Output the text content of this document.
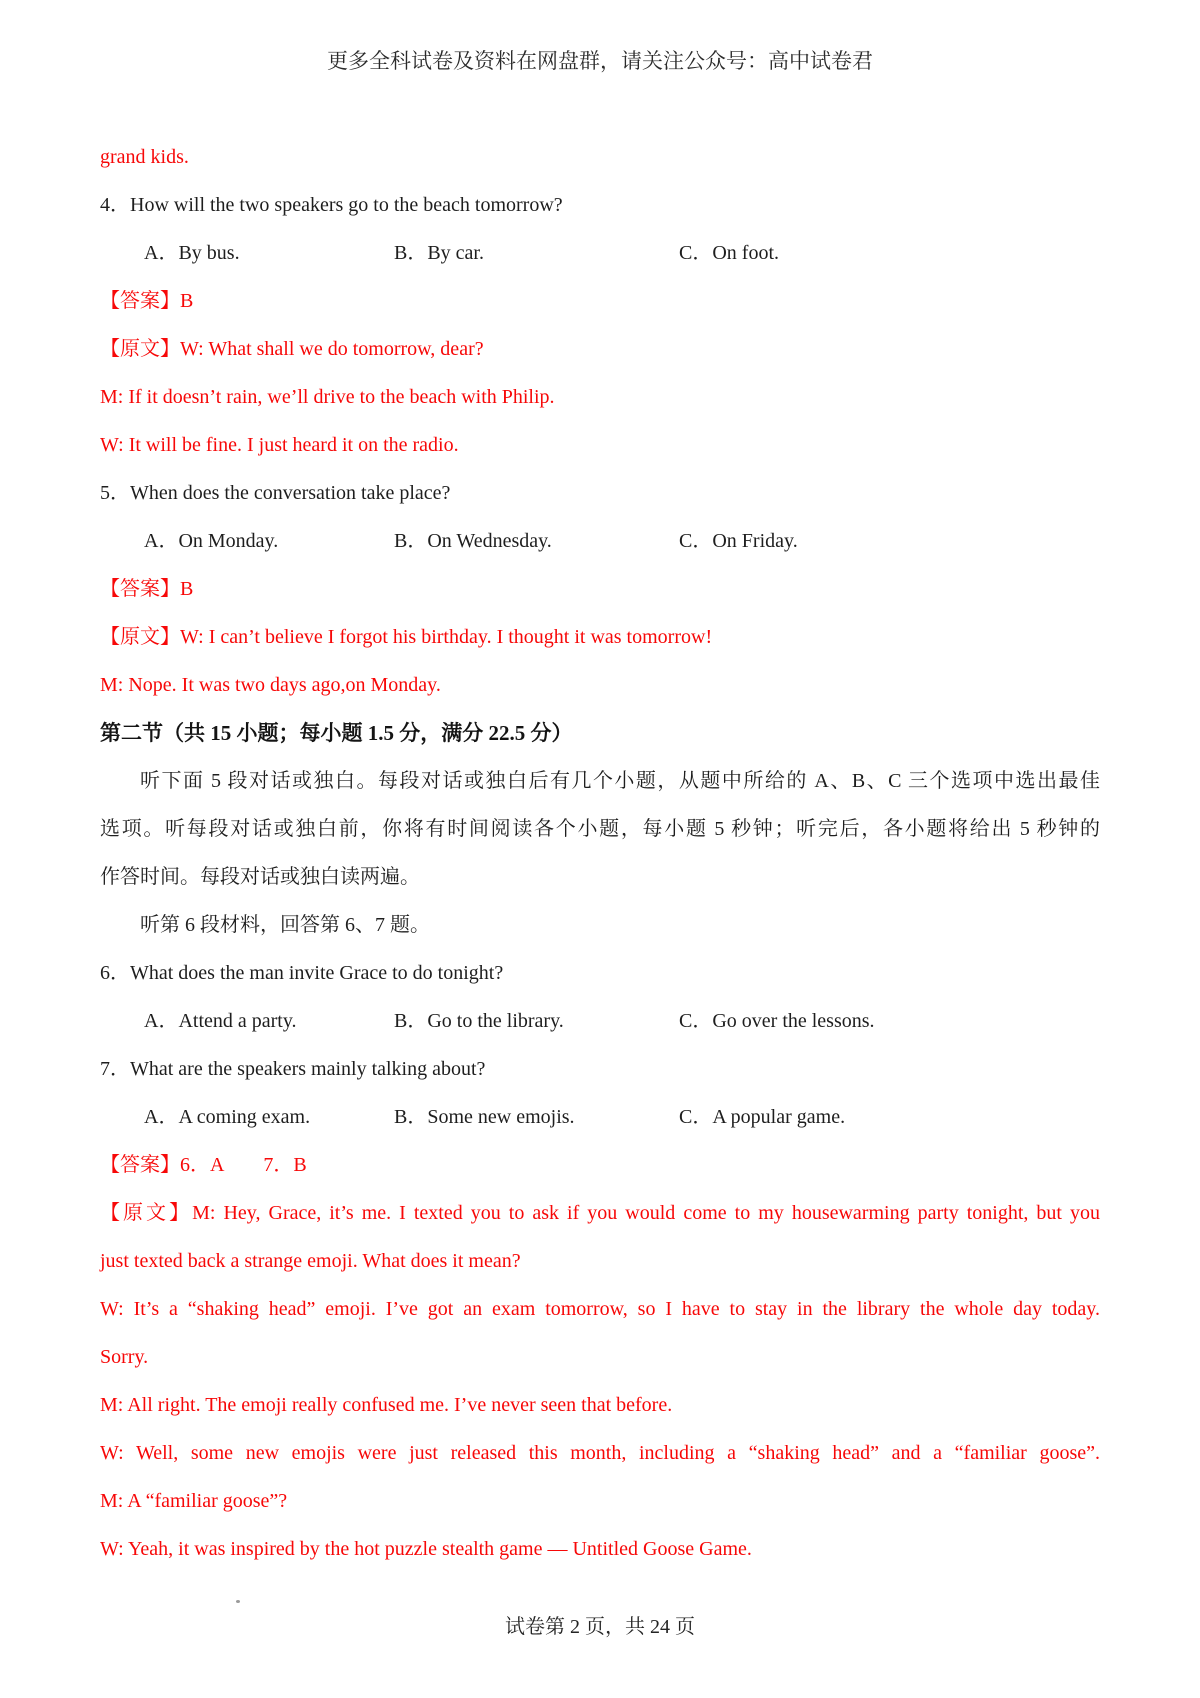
更多全科试卷及资料在网盘群，请关注公众号：高中试卷君

grand kids.

4．How will the two speakers go to the beach tomorrow?

A．By bus.	B．By car.	C．On foot.

【答案】B

【原文】W: What shall we do tomorrow, dear?

M: If it doesn’t rain, we’ll drive to the beach with Philip.

W: It will be fine. I just heard it on the radio.

5．When does the conversation take place?

A．On Monday.	B．On Wednesday.	C．On Friday.

【答案】B

【原文】W: I can’t believe I forgot his birthday. I thought it was tomorrow!

M: Nope. It was two days ago,on Monday.

第二节（共 15 小题；每小题 1.5 分，满分 22.5 分）

听下面 5 段对话或独白。每段对话或独白后有几个小题，从题中所给的 A、B、C 三个选项中选出最佳

选项。听每段对话或独白前，你将有时间阅读各个小题，每小题 5 秒钟；听完后，各小题将给出 5 秒钟的

作答时间。每段对话或独白读两遍。

听第 6 段材料，回答第 6、7 题。

6．What does the man invite Grace to do tonight?

A．Attend a party.	B．Go to the library.	C．Go over the lessons.

7．What are the speakers mainly talking about?

A．A coming exam.	B．Some new emojis.	C．A popular game.

【答案】6．A　　7．B

【原文】M: Hey, Grace, it’s me. I texted you to ask if you would come to my housewarming party tonight, but you

just texted back a strange emoji. What does it mean?

W: It’s a “shaking head” emoji. I’ve got an exam tomorrow, so I have to stay in the library the whole day today.

Sorry.

M: All right. The emoji really confused me. I’ve never seen that before.

W: Well, some new emojis were just released this month, including a “shaking head” and a “familiar goose”.

M: A “familiar goose”?

W: Yeah, it was inspired by the hot puzzle stealth game — Untitled Goose Game.

试卷第 2 页，共 24 页
